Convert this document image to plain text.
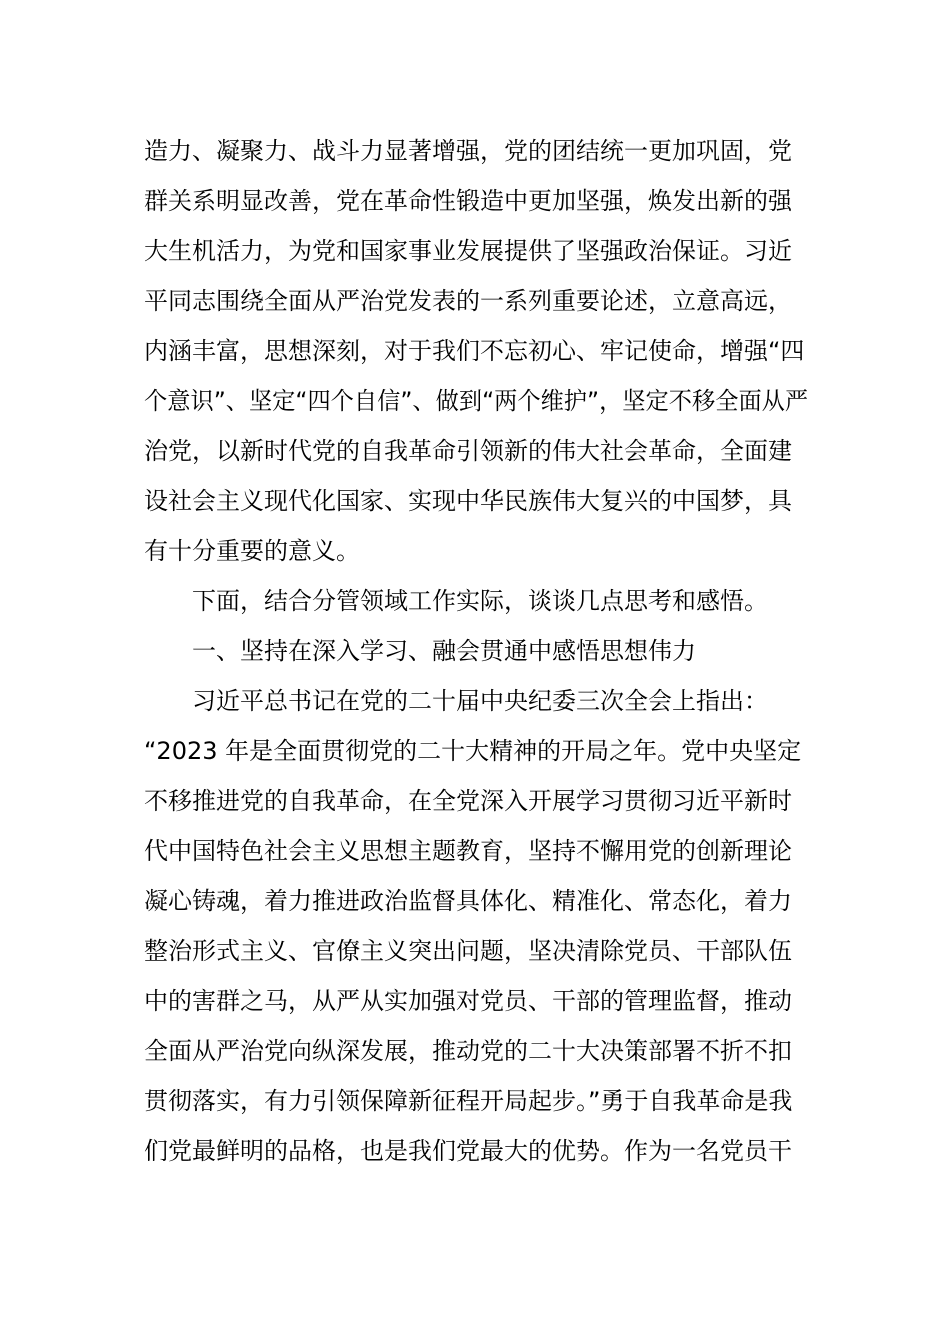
造力、凝聚力、战斗力显著增强，党的团结统一更加巩固，党
群关系明显改善，党在革命性锻造中更加坚强，焕发出新的强
大生机活力，为党和国家事业发展提供了坚强政治保证。习近
平同志围绕全面从严治党发表的一系列重要论述，立意高远，
内涵丰富，思想深刻，对于我们不忘初心、牢记使命，增强“四
个意识”、坚定“四个自信”、做到“两个维护”，坚定不移全面从严
治党，以新时代党的自我革命引领新的伟大社会革命，全面建
设社会主义现代化国家、实现中华民族伟大复兴的中国梦，具
有十分重要的意义。
　　下面，结合分管领域工作实际，谈谈几点思考和感悟。
　　一、坚持在深入学习、融会贯通中感悟思想伟力
　　习近平总书记在党的二十届中央纪委三次全会上指出：
“2023 年是全面贯彻党的二十大精神的开局之年。党中央坚定
不移推进党的自我革命，在全党深入开展学习贯彻习近平新时
代中国特色社会主义思想主题教育，坚持不懈用党的创新理论
凝心铸魂，着力推进政治监督具体化、精准化、常态化，着力
整治形式主义、官僚主义突出问题，坚决清除党员、干部队伍
中的害群之马，从严从实加强对党员、干部的管理监督，推动
全面从严治党向纵深发展，推动党的二十大决策部署不折不扣
贯彻落实，有力引领保障新征程开局起步。”勇于自我革命是我
们党最鲜明的品格，也是我们党最大的优势。作为一名党员干
